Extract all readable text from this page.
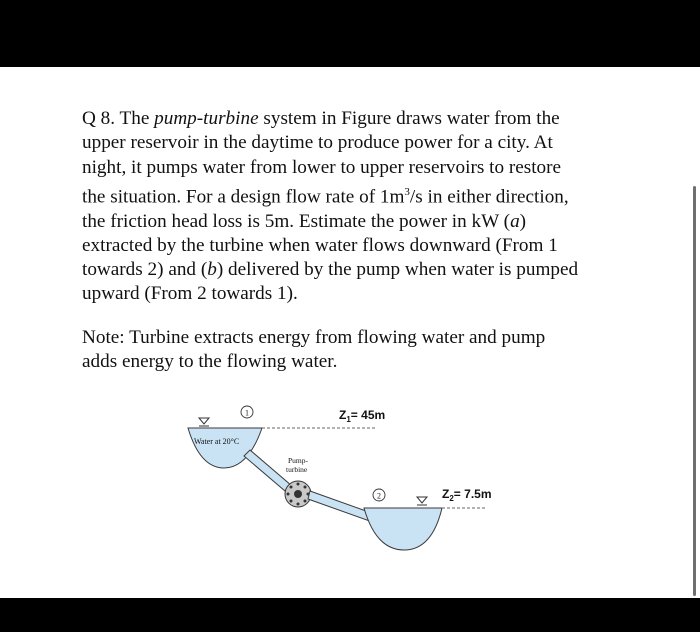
Q 8. The pump-turbine system in Figure draws water from the
upper reservoir in the daytime to produce power for a city. At
night, it pumps water from lower to upper reservoirs to restore
the situation. For a design flow rate of $1m^3/s$ in either direction,
the friction head loss is 5m. Estimate the power in kW (a)
extracted by the turbine when water flows downward (From 1
towards 2) and (b) delivered by the pump when water is pumped
upward (From 2 towards 1).

Note: Turbine extracts energy from flowing water and pump
adds energy to the flowing water.

1	$Z_1= 45m$
Water at 20°C
Pump-
turbine
2	$Z_2= 7.5m$
